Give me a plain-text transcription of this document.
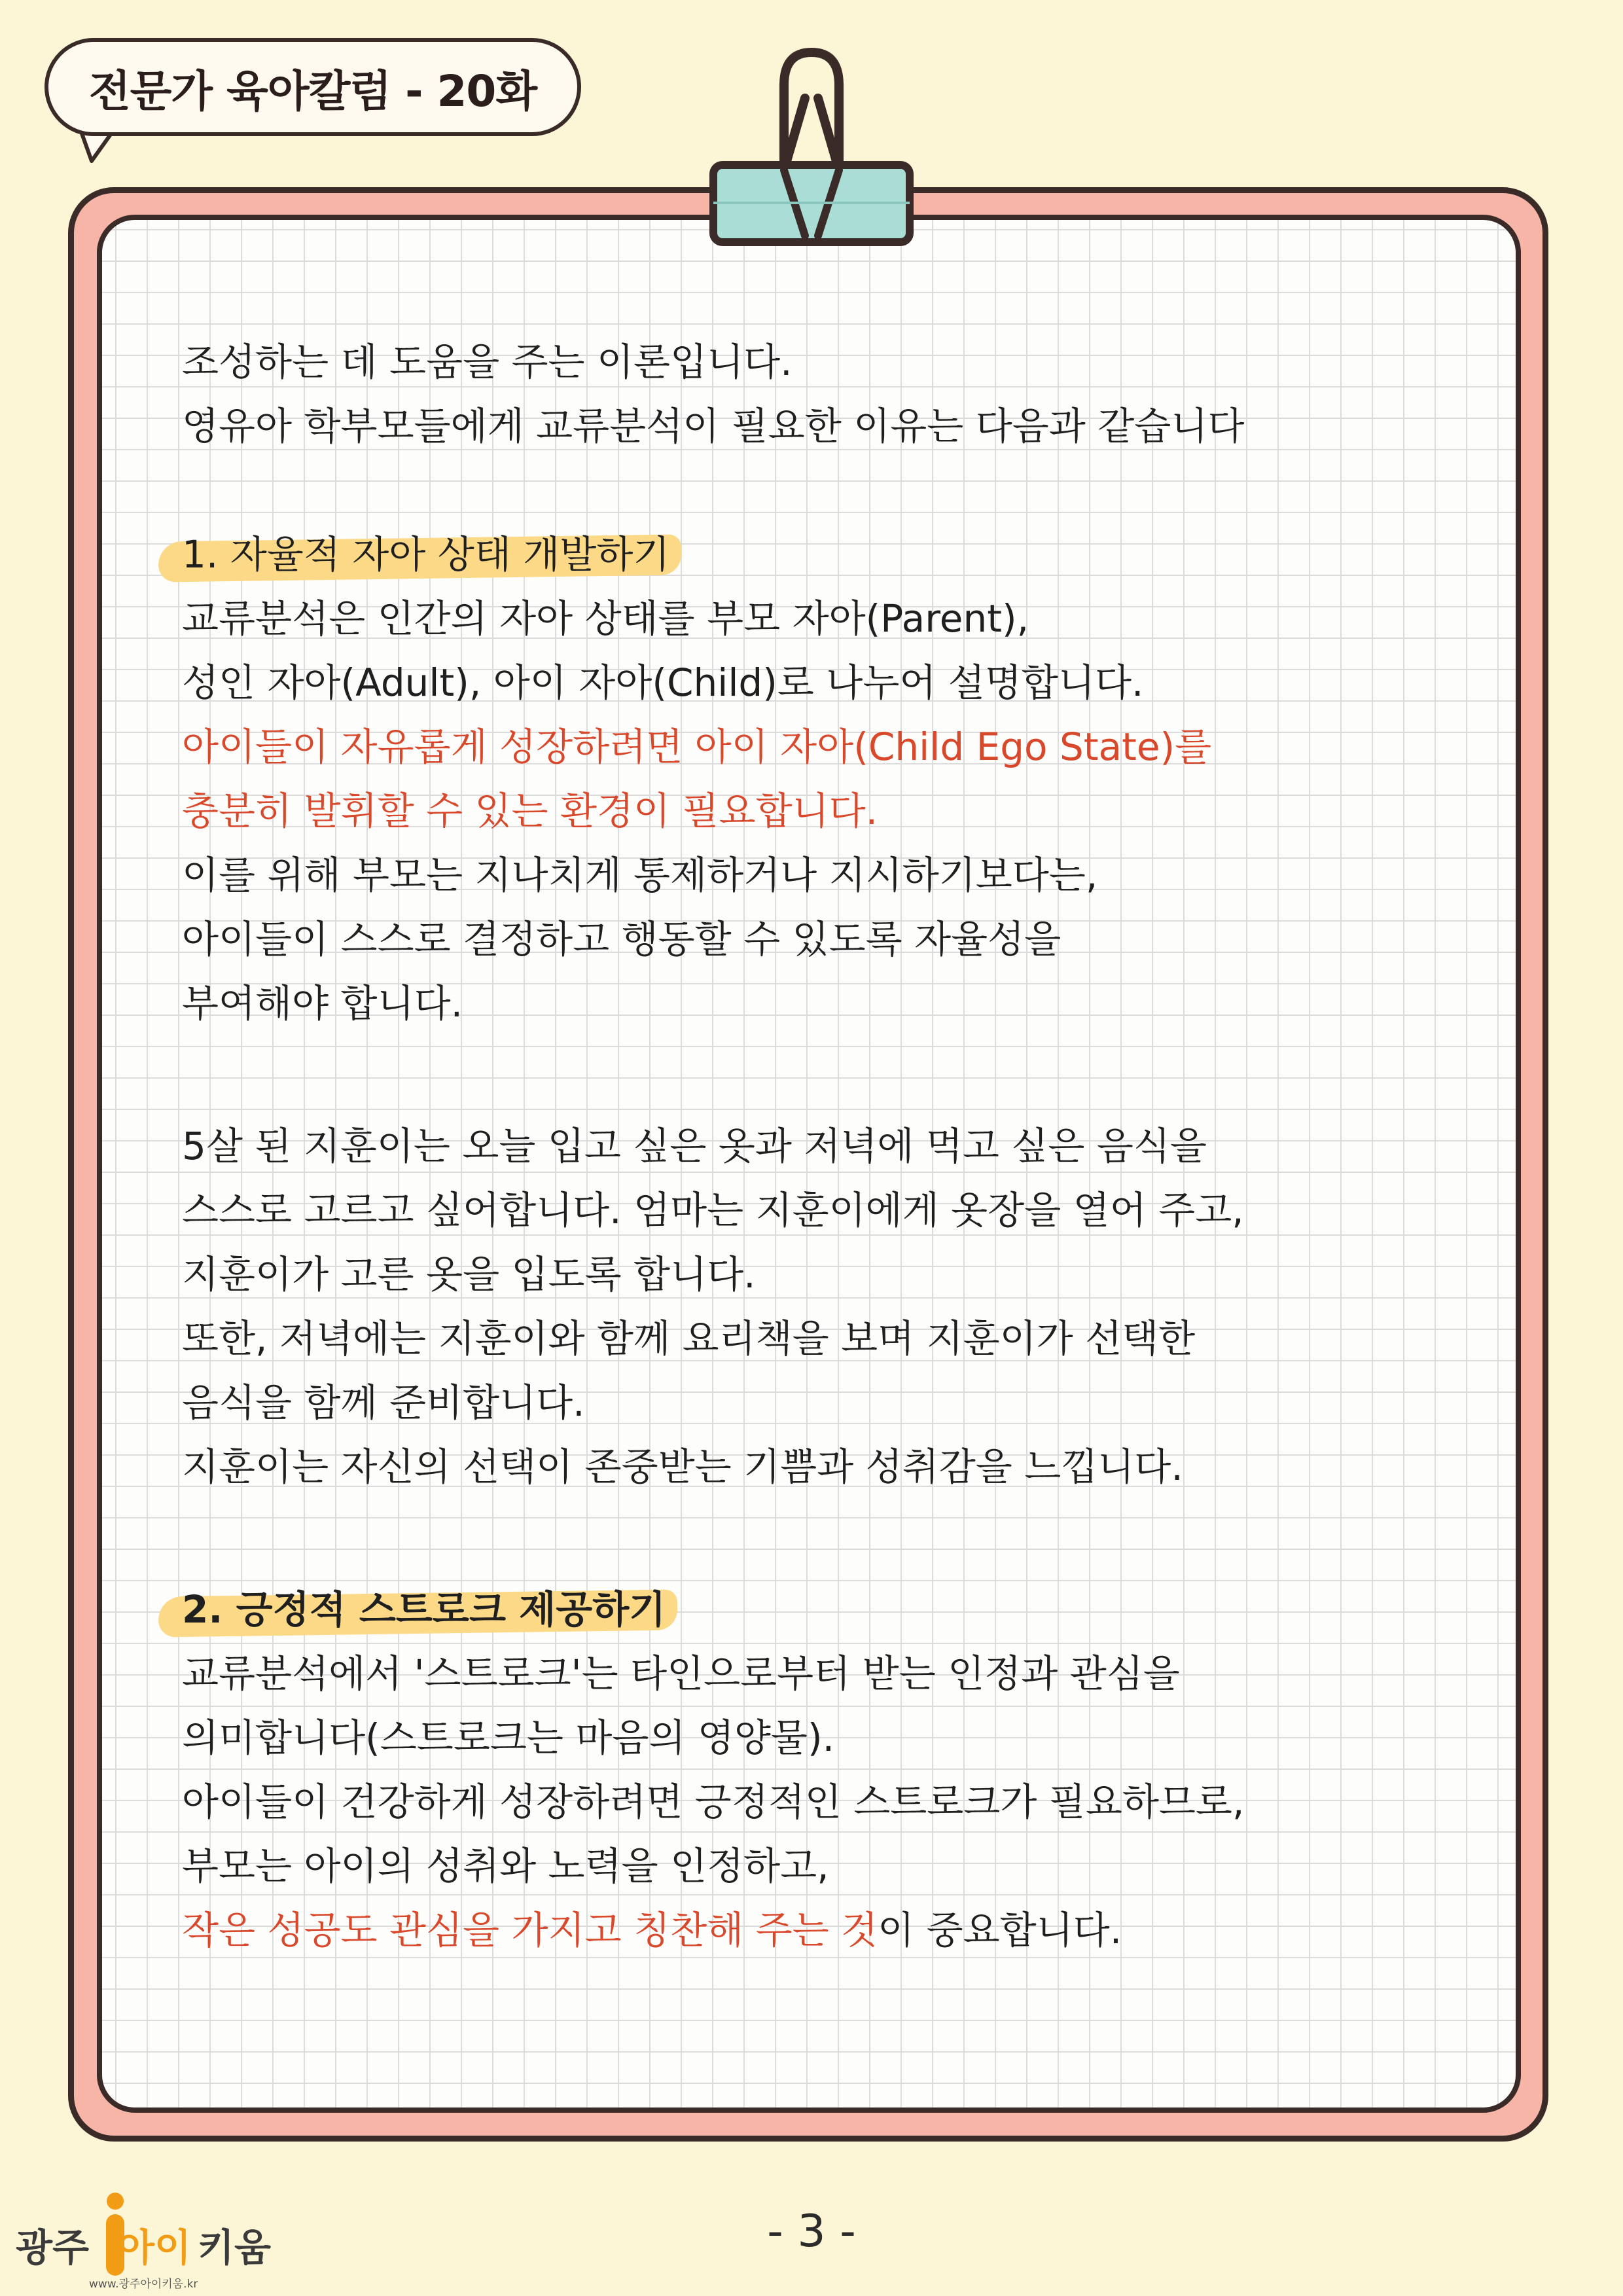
전문가 육아칼럼 - 20화
조성하는 데 도움을 주는 이론입니다.
영유아 학부모들에게 교류분석이 필요한 이유는 다음과 같습니다
1. 자율적 자아 상태 개발하기
교류분석은 인간의 자아 상태를 부모 자아(Parent),
성인 자아(Adult), 아이 자아(Child)로 나누어 설명합니다.
아이들이 자유롭게 성장하려면 아이 자아(Child Ego State)를
충분히 발휘할 수 있는 환경이 필요합니다.
이를 위해 부모는 지나치게 통제하거나 지시하기보다는,
아이들이 스스로 결정하고 행동할 수 있도록 자율성을
부여해야 합니다.
5살 된 지훈이는 오늘 입고 싶은 옷과 저녁에 먹고 싶은 음식을
스스로 고르고 싶어합니다. 엄마는 지훈이에게 옷장을 열어 주고,
지훈이가 고른 옷을 입도록 합니다.
또한, 저녁에는 지훈이와 함께 요리책을 보며 지훈이가 선택한
음식을 함께 준비합니다.
지훈이는 자신의 선택이 존중받는 기쁨과 성취감을 느낍니다.
2. 긍정적 스트로크 제공하기
교류분석에서 '스트로크'는 타인으로부터 받는 인정과 관심을
의미합니다(스트로크는 마음의 영양물).
아이들이 건강하게 성장하려면 긍정적인 스트로크가 필요하므로,
부모는 아이의 성취와 노력을 인정하고,
작은 성공도 관심을 가지고 칭찬해 주는 것이 중요합니다.
광주 아이 키움
www.광주아이키움.kr
- 3 -
